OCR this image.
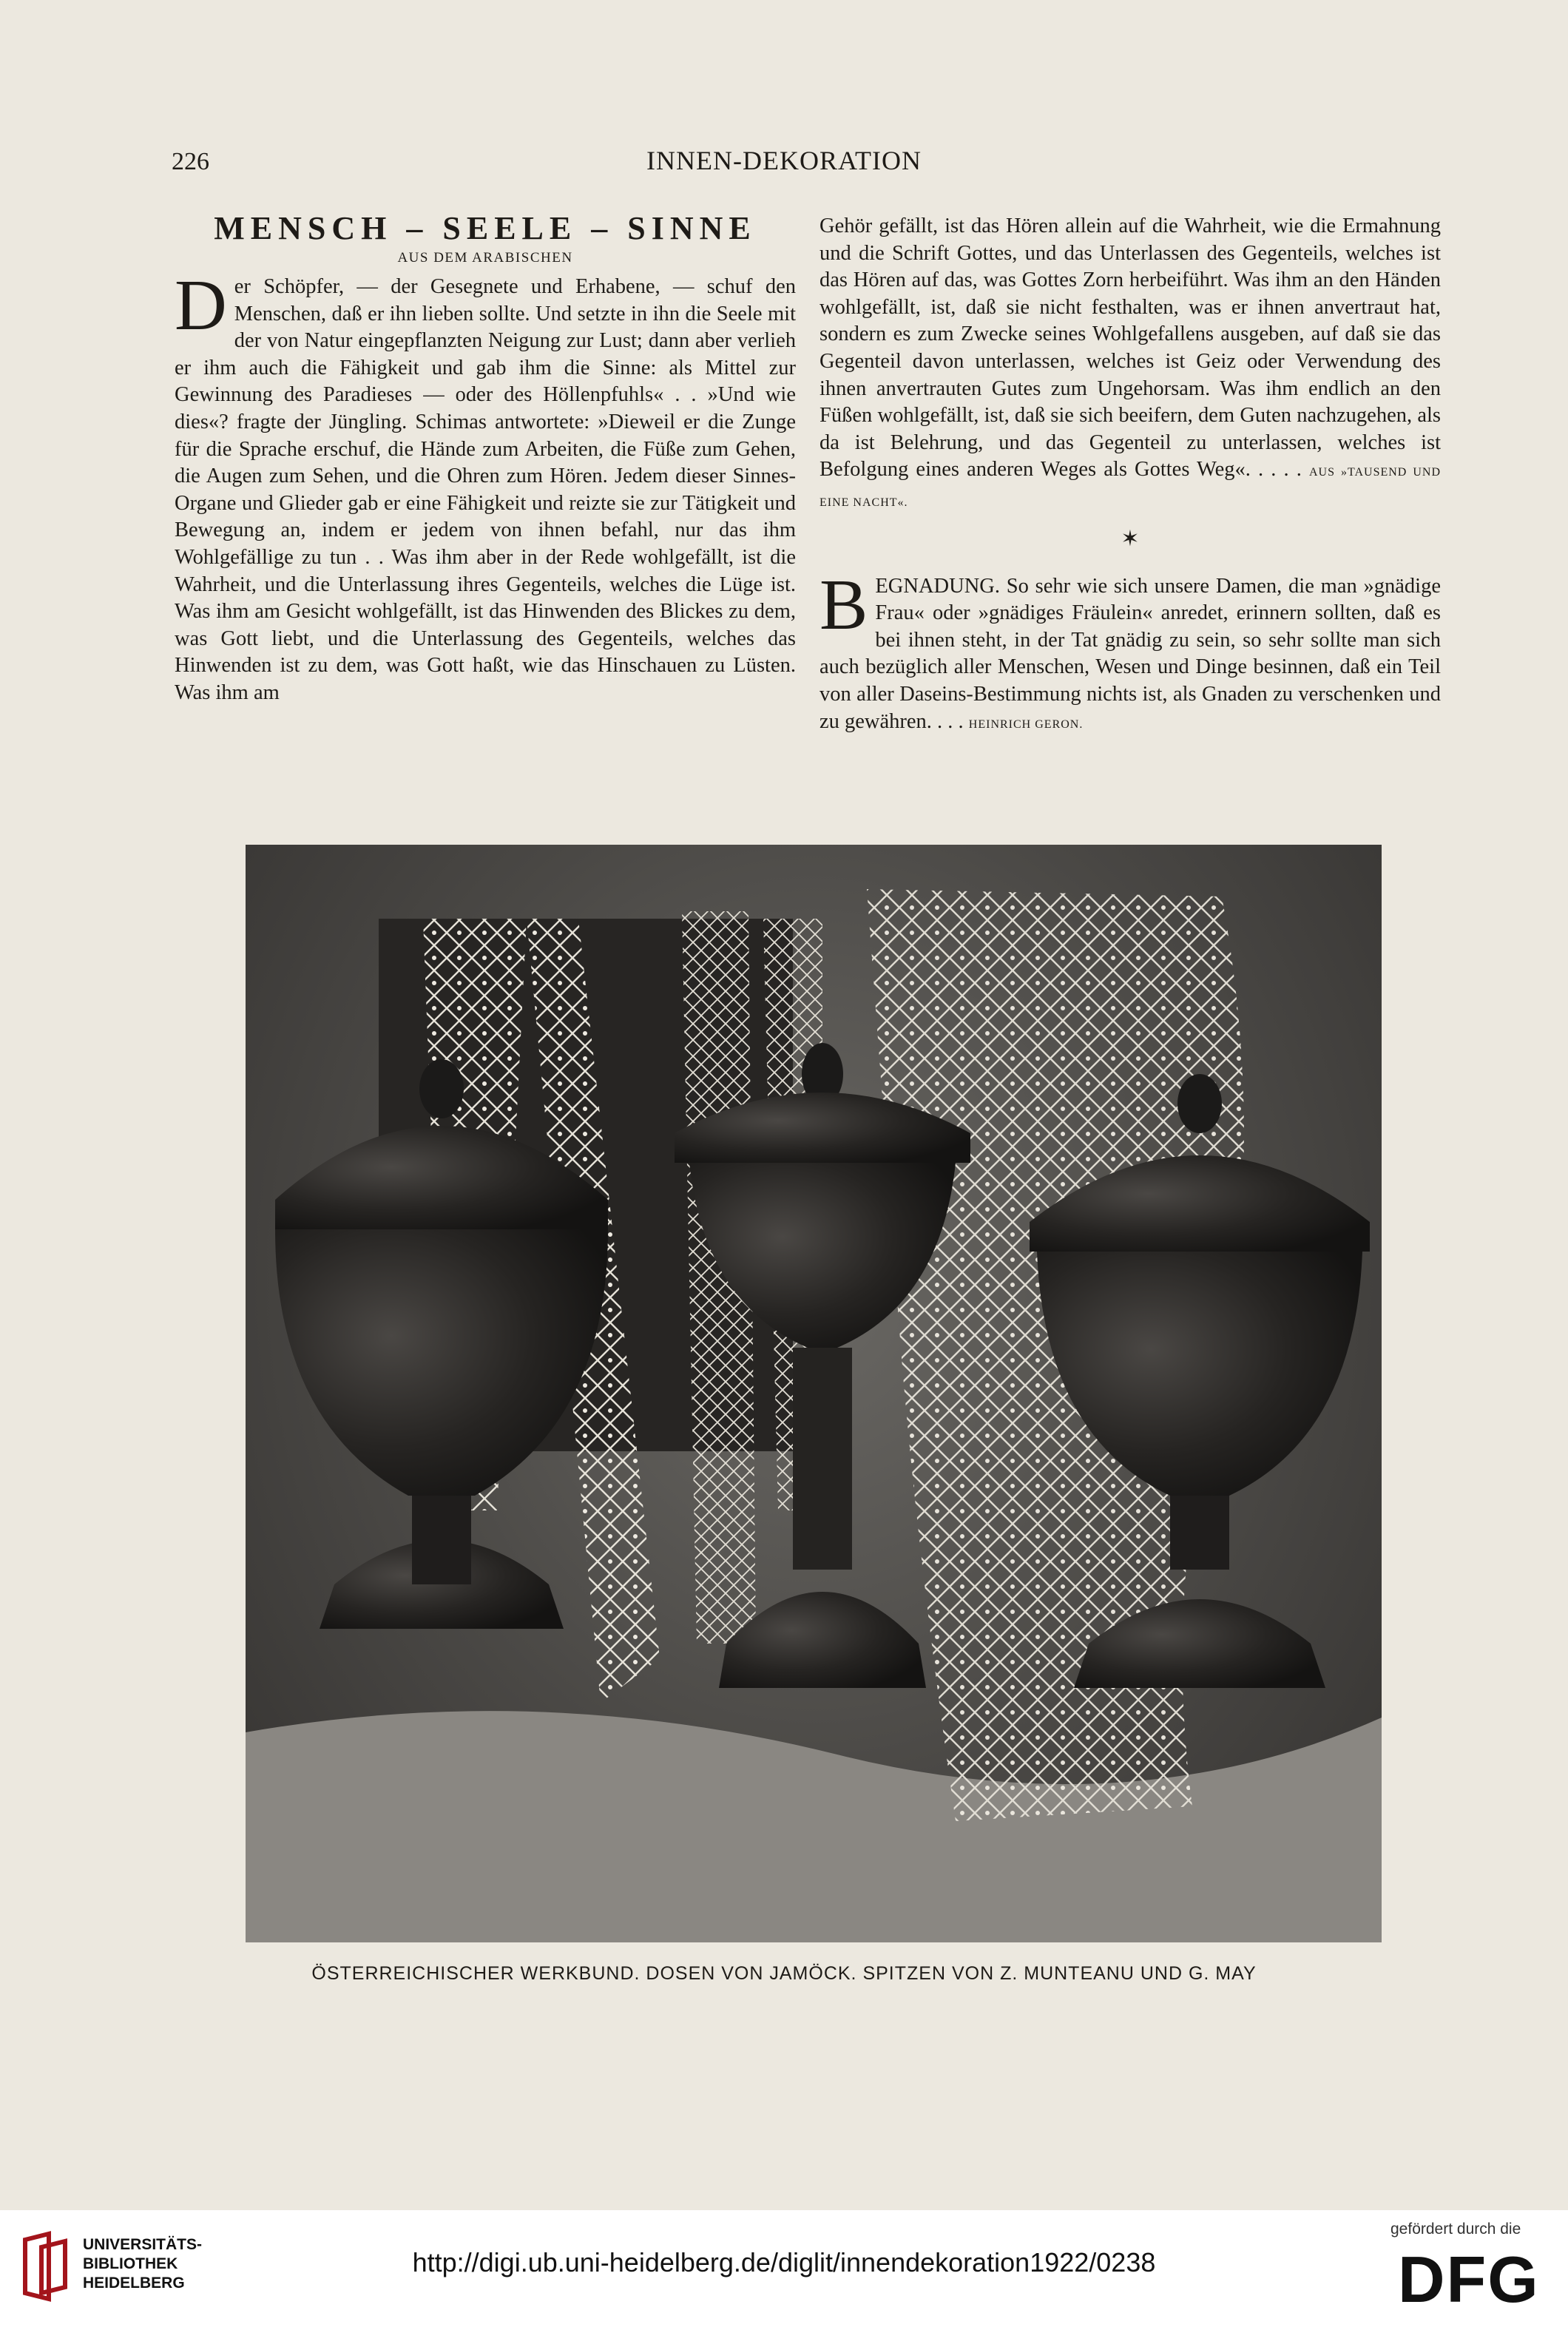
226	INNEN-DEKORATION
MENSCH – SEELE – SINNE
AUS DEM ARABISCHEN

Der Schöpfer, — der Gesegnete und Erhabene, — schuf den Menschen, daß er ihn lieben sollte. Und setzte in ihn die Seele mit der von Natur eingepflanzten Neigung zur Lust; dann aber verlieh er ihm auch die Fähigkeit und gab ihm die Sinne: als Mittel zur Gewinnung des Paradieses — oder des Höllenpfuhls« . . »Und wie dies«? fragte der Jüngling. Schimas antwortete: »Dieweil er die Zunge für die Sprache erschuf, die Hände zum Arbeiten, die Füße zum Gehen, die Augen zum Sehen, und die Ohren zum Hören. Jedem dieser Sinnes-Organe und Glieder gab er eine Fähigkeit und reizte sie zur Tätigkeit und Bewegung an, indem er jedem von ihnen befahl, nur das ihm Wohlgefällige zu tun . . Was ihm aber in der Rede wohlgefällt, ist die Wahrheit, und die Unterlassung ihres Gegenteils, welches die Lüge ist. Was ihm am Gesicht wohlgefällt, ist das Hinwenden des Blickes zu dem, was Gott liebt, und die Unterlassung des Gegenteils, welches das Hinwenden ist zu dem, was Gott haßt, wie das Hinschauen zu Lüsten. Was ihm am

Gehör gefällt, ist das Hören allein auf die Wahrheit, wie die Ermahnung und die Schrift Gottes, und das Unterlassen des Gegenteils, welches ist das Hören auf das, was Gottes Zorn herbeiführt. Was ihm an den Händen wohlgefällt, ist, daß sie nicht festhalten, was er ihnen anvertraut hat, sondern es zum Zwecke seines Wohlgefallens ausgeben, auf daß sie das Gegenteil davon unterlassen, welches ist Geiz oder Verwendung des ihnen anvertrauten Gutes zum Ungehorsam. Was ihm endlich an den Füßen wohlgefällt, ist, daß sie sich beeifern, dem Guten nachzugehen, als da ist Belehrung, und das Gegenteil zu unterlassen, welches ist Befolgung eines anderen Weges als Gottes Weg«. . . . . AUS »TAUSEND UND EINE NACHT«.

✶

BEGNADUNG. So sehr wie sich unsere Damen, die man »gnädige Frau« oder »gnädiges Fräulein« anredet, erinnern sollten, daß es bei ihnen steht, in der Tat gnädig zu sein, so sehr sollte man sich auch bezüglich aller Menschen, Wesen und Dinge besinnen, daß ein Teil von aller Daseins-Bestimmung nichts ist, als Gnaden zu verschenken und zu gewähren. . . . HEINRICH GERON.

ÖSTERREICHISCHER WERKBUND. DOSEN VON JAMÖCK. SPITZEN VON Z. MUNTEANU UND G. MAY
UNIVERSITÄTS-
BIBLIOTHEK
HEIDELBERG
http://digi.ub.uni-heidelberg.de/diglit/innendekoration1922/0238
gefördert durch die
DFG
